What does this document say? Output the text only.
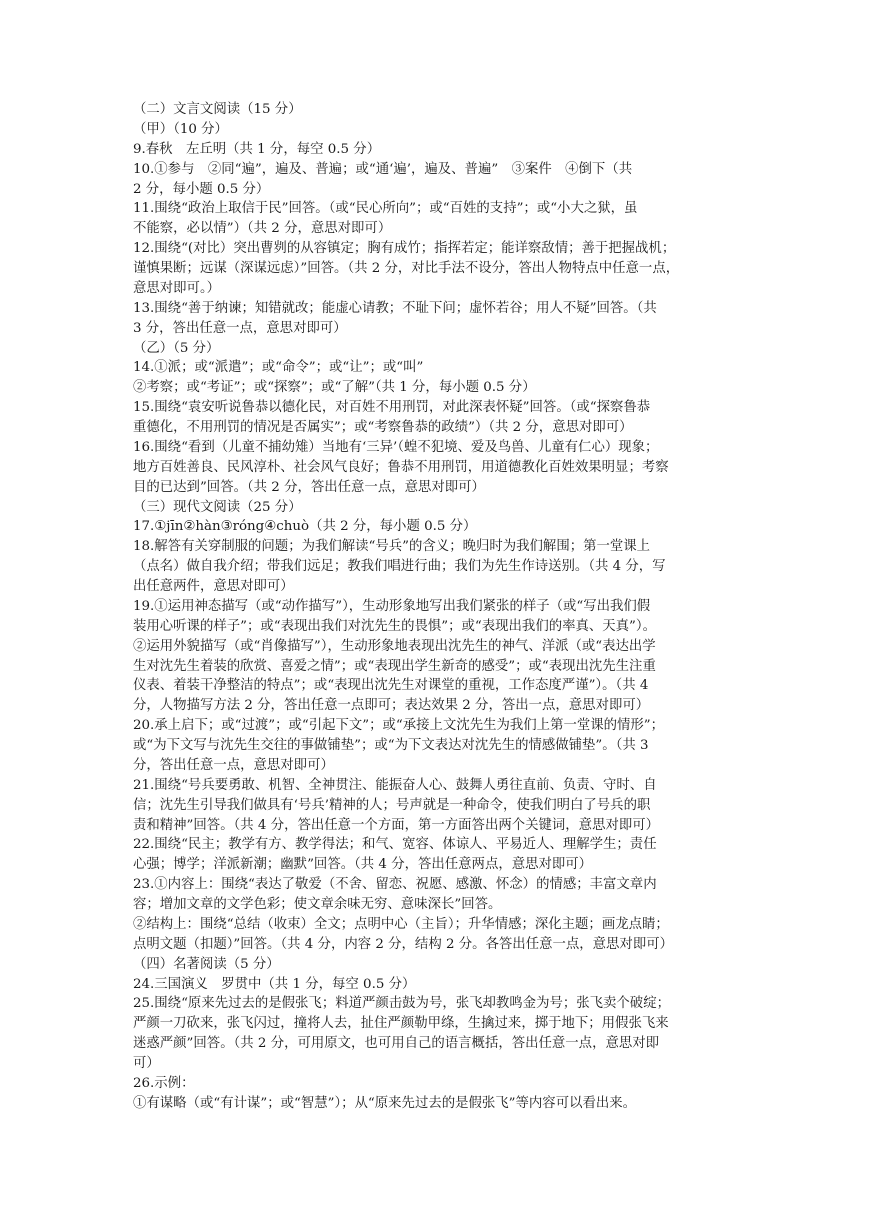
（二）文言文阅读（15 分）
（甲）（10 分）
9.春秋　左丘明（共 1 分，每空 0.5 分）
10.①参与　②同“遍”，遍及、普遍；或“通‘遍’，遍及、普遍”　③案件　④倒下（共
2 分，每小题 0.5 分）
11.围绕“政治上取信于民”回答。（或“民心所向”；或“百姓的支持”；或“小大之狱，虽
不能察，必以情”）（共 2 分，意思对即可）
12.围绕“(对比）突出曹刿的从容镇定；胸有成竹；指挥若定；能详察敌情；善于把握战机；
谨慎果断；远谋（深谋远虑）”回答。（共 2 分，对比手法不设分，答出人物特点中任意一点，
意思对即可。）
13.围绕“善于纳谏；知错就改；能虚心请教；不耻下问；虚怀若谷；用人不疑”回答。（共
3 分，答出任意一点，意思对即可）
（乙）（5 分）
14.①派；或“派遣”；或“命令”；或“让”；或“叫”
②考察；或“考证”；或“探察”；或“了解”（共 1 分，每小题 0.5 分）
15.围绕“袁安听说鲁恭以德化民，对百姓不用刑罚，对此深表怀疑”回答。（或“探察鲁恭
重德化，不用刑罚的情况是否属实”；或“考察鲁恭的政绩”）（共 2 分，意思对即可）
16.围绕“看到（儿童不捕幼雉）当地有‘三异’（蝗不犯境、爱及鸟兽、儿童有仁心）现象；
地方百姓善良、民风淳朴、社会风气良好；鲁恭不用刑罚，用道德教化百姓效果明显；考察
目的已达到”回答。（共 2 分，答出任意一点，意思对即可）
（三）现代文阅读（25 分）
17.①jīn②hàn③róng④chuò（共 2 分，每小题 0.5 分）
18.解答有关穿制服的问题；为我们解读“号兵”的含义；晚归时为我们解围；第一堂课上
（点名）做自我介绍；带我们远足；教我们唱进行曲；我们为先生作诗送别。（共 4 分，写
出任意两件，意思对即可）
19.①运用神态描写（或“动作描写”），生动形象地写出我们紧张的样子（或“写出我们假
装用心听课的样子”；或“表现出我们对沈先生的畏惧”；或“表现出我们的率真、天真”）。
②运用外貌描写（或“肖像描写”），生动形象地表现出沈先生的神气、洋派（或“表达出学
生对沈先生着装的欣赏、喜爱之情”；或“表现出学生新奇的感受”；或“表现出沈先生注重
仪表、着装干净整洁的特点”；或“表现出沈先生对课堂的重视，工作态度严谨”）。（共 4
分，人物描写方法 2 分，答出任意一点即可；表达效果 2 分，答出一点，意思对即可）
20.承上启下；或“过渡”；或“引起下文”；或“承接上文沈先生为我们上第一堂课的情形”；
或“为下文写与沈先生交往的事做铺垫”；或“为下文表达对沈先生的情感做铺垫”。（共 3
分，答出任意一点，意思对即可）
21.围绕“号兵要勇敢、机智、全神贯注、能振奋人心、鼓舞人勇往直前、负责、守时、自
信；沈先生引导我们做具有‘号兵’精神的人；号声就是一种命令，使我们明白了号兵的职
责和精神”回答。（共 4 分，答出任意一个方面，第一方面答出两个关键词，意思对即可）
22.围绕“民主；教学有方、教学得法；和气、宽容、体谅人、平易近人、理解学生；责任
心强；博学；洋派新潮；幽默”回答。（共 4 分，答出任意两点，意思对即可）
23.①内容上：围绕“表达了敬爱（不舍、留恋、祝愿、感激、怀念）的情感；丰富文章内
容；增加文章的文学色彩；使文章余味无穷、意味深长”回答。
②结构上：围绕“总结（收束）全文；点明中心（主旨）；升华情感；深化主题；画龙点睛；
点明文题（扣题）”回答。（共 4 分，内容 2 分，结构 2 分。各答出任意一点，意思对即可）
（四）名著阅读（5 分）
24.三国演义　罗贯中（共 1 分，每空 0.5 分）
25.围绕“原来先过去的是假张飞；料道严颜击鼓为号，张飞却教鸣金为号；张飞卖个破绽；
严颜一刀砍来，张飞闪过，撞将人去，扯住严颜勒甲绦，生擒过来，掷于地下；用假张飞来
迷惑严颜”回答。（共 2 分，可用原文，也可用自己的语言概括，答出任意一点，意思对即
可）
26.示例：
①有谋略（或“有计谋”；或“智慧”）；从“原来先过去的是假张飞”等内容可以看出来。
